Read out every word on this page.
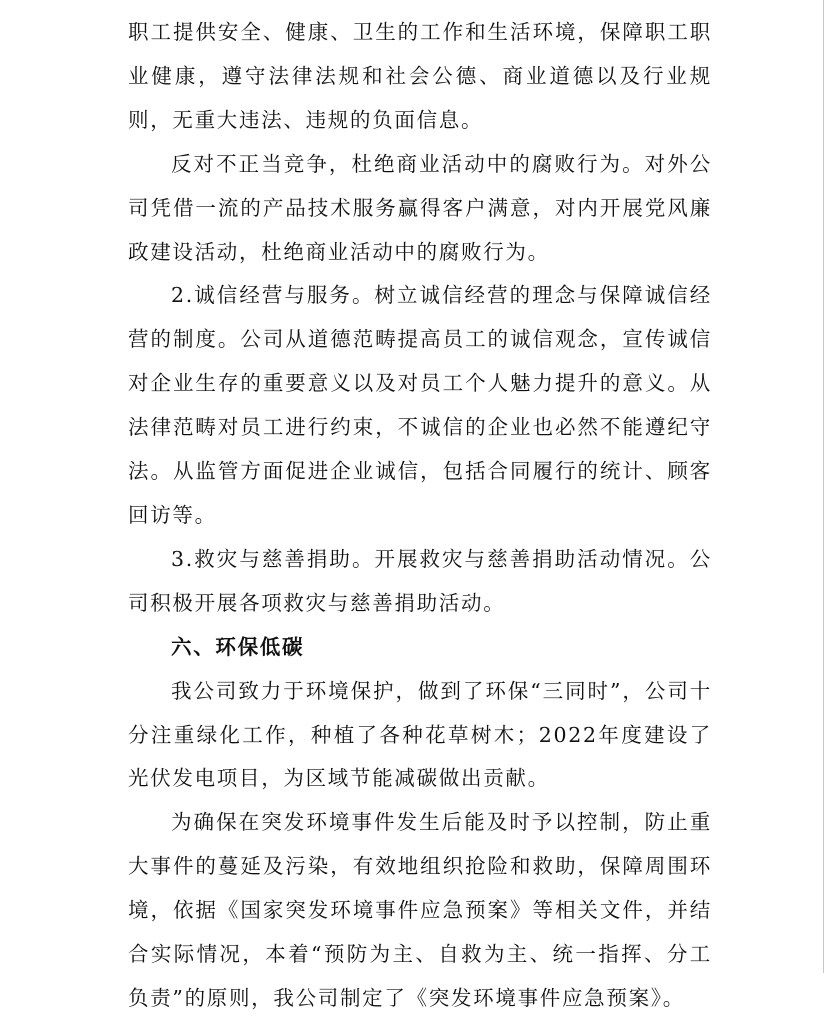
职工提供安全、健康、卫生的工作和生活环境，保障职工职业健康，遵守法律法规和社会公德、商业道德以及行业规则，无重大违法、违规的负面信息。

反对不正当竞争，杜绝商业活动中的腐败行为。对外公司凭借一流的产品技术服务赢得客户满意，对内开展党风廉政建设活动，杜绝商业活动中的腐败行为。

2.诚信经营与服务。树立诚信经营的理念与保障诚信经营的制度。公司从道德范畴提高员工的诚信观念，宣传诚信对企业生存的重要意义以及对员工个人魅力提升的意义。从法律范畴对员工进行约束，不诚信的企业也必然不能遵纪守法。从监管方面促进企业诚信，包括合同履行的统计、顾客回访等。

3.救灾与慈善捐助。开展救灾与慈善捐助活动情况。公司积极开展各项救灾与慈善捐助活动。

六、环保低碳

我公司致力于环境保护，做到了环保“三同时”，公司十分注重绿化工作，种植了各种花草树木；2022年度建设了光伏发电项目，为区域节能减碳做出贡献。

为确保在突发环境事件发生后能及时予以控制，防止重大事件的蔓延及污染，有效地组织抢险和救助，保障周围环境，依据《国家突发环境事件应急预案》等相关文件，并结合实际情况，本着“预防为主、自救为主、统一指挥、分工负责”的原则，我公司制定了《突发环境事件应急预案》。
